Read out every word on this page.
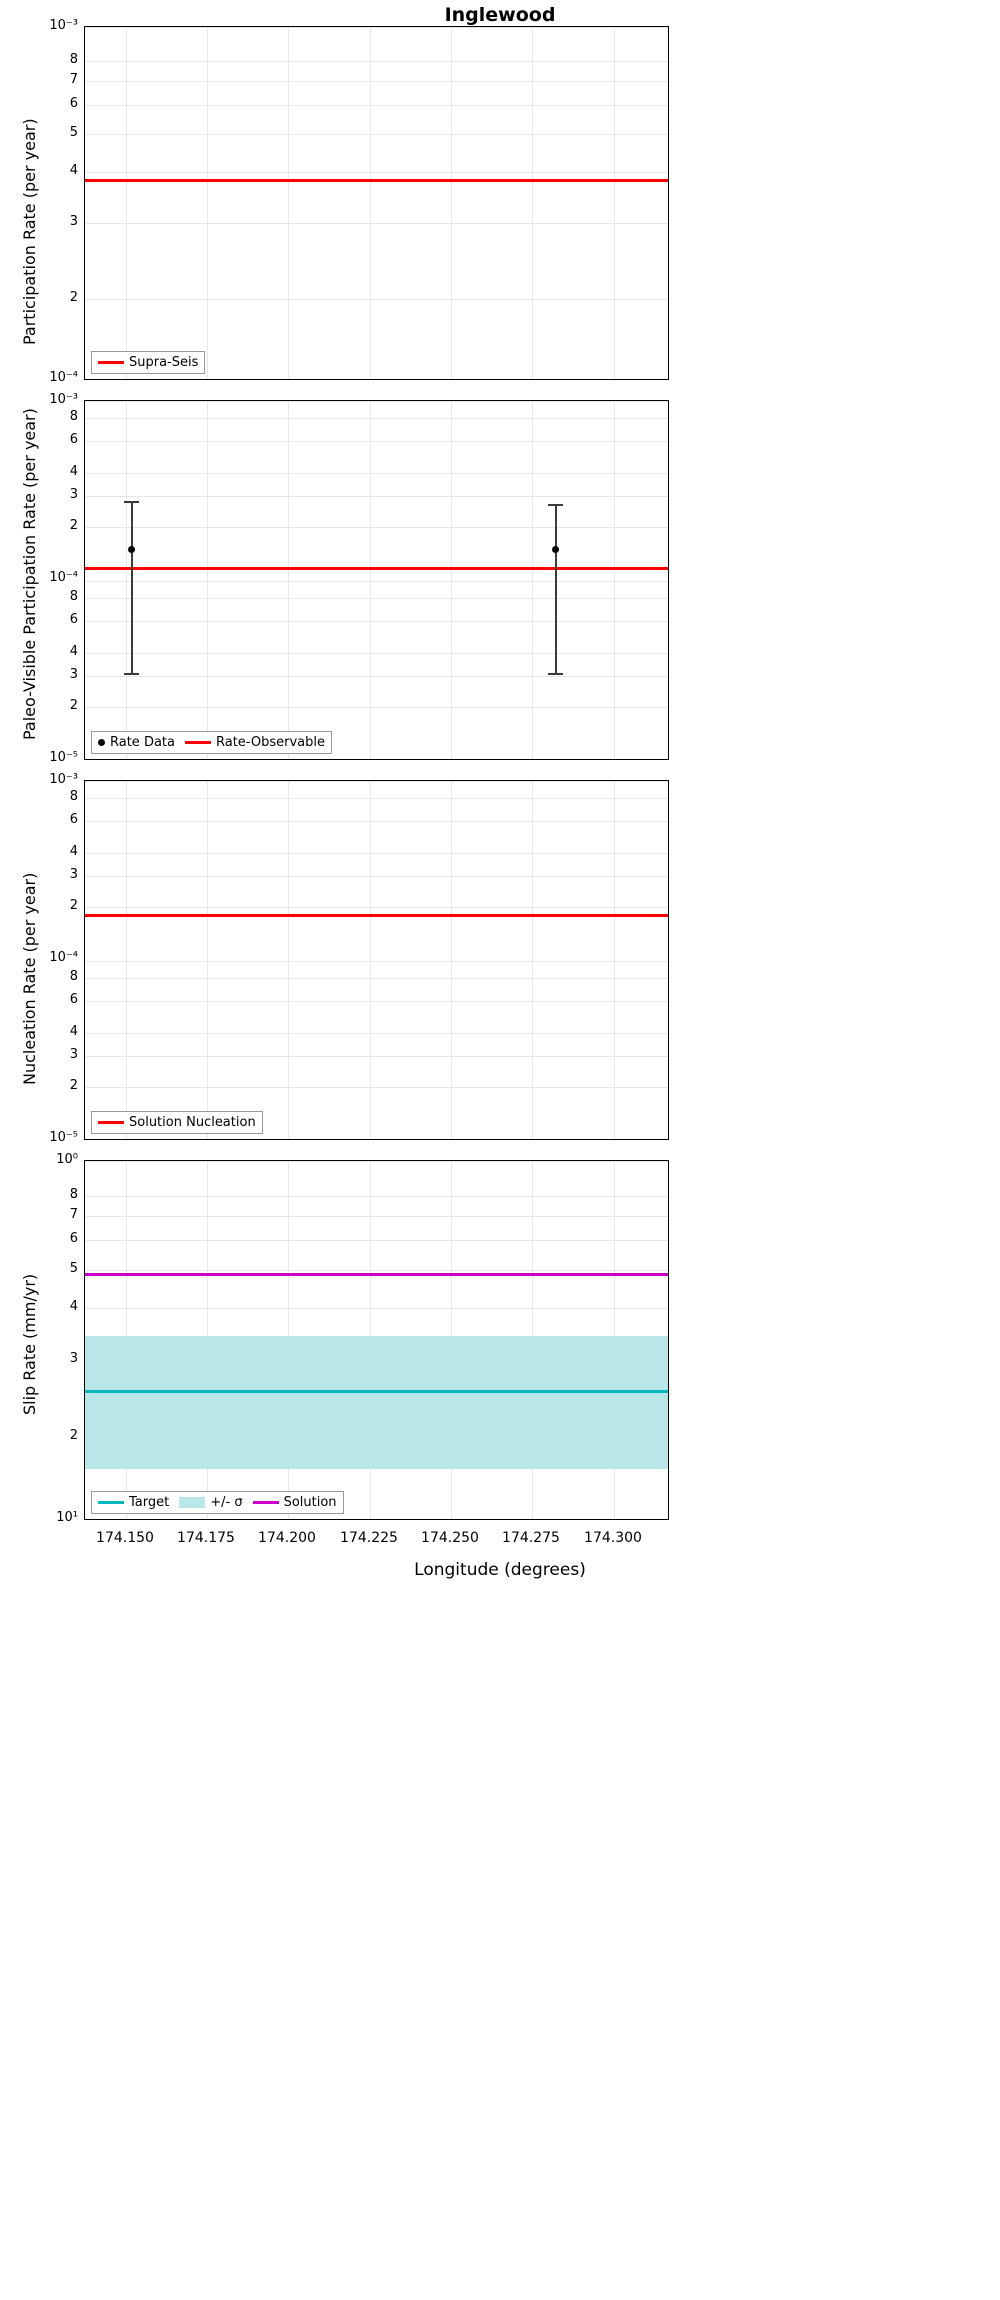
Inglewood
Supra-Seis
10⁻³
8
7
6
5
4
3
2
10⁻⁴
Participation Rate (per year)
Rate Data	Rate-Observable
10⁻³
8
6
4
3
2
10⁻⁴
8
6
4
3
2
10⁻⁵
Paleo-Visible Participation Rate (per year)
Solution Nucleation
10⁻³
8
6
4
3
2
10⁻⁴
8
6
4
3
2
10⁻⁵
Nucleation Rate (per year)
Target	+/- σ	Solution
10⁰
8
7
6
5
4
3
2
10¹
Slip Rate (mm/yr)
174.150	174.175	174.200	174.225	174.250	174.275	174.300
Longitude (degrees)
